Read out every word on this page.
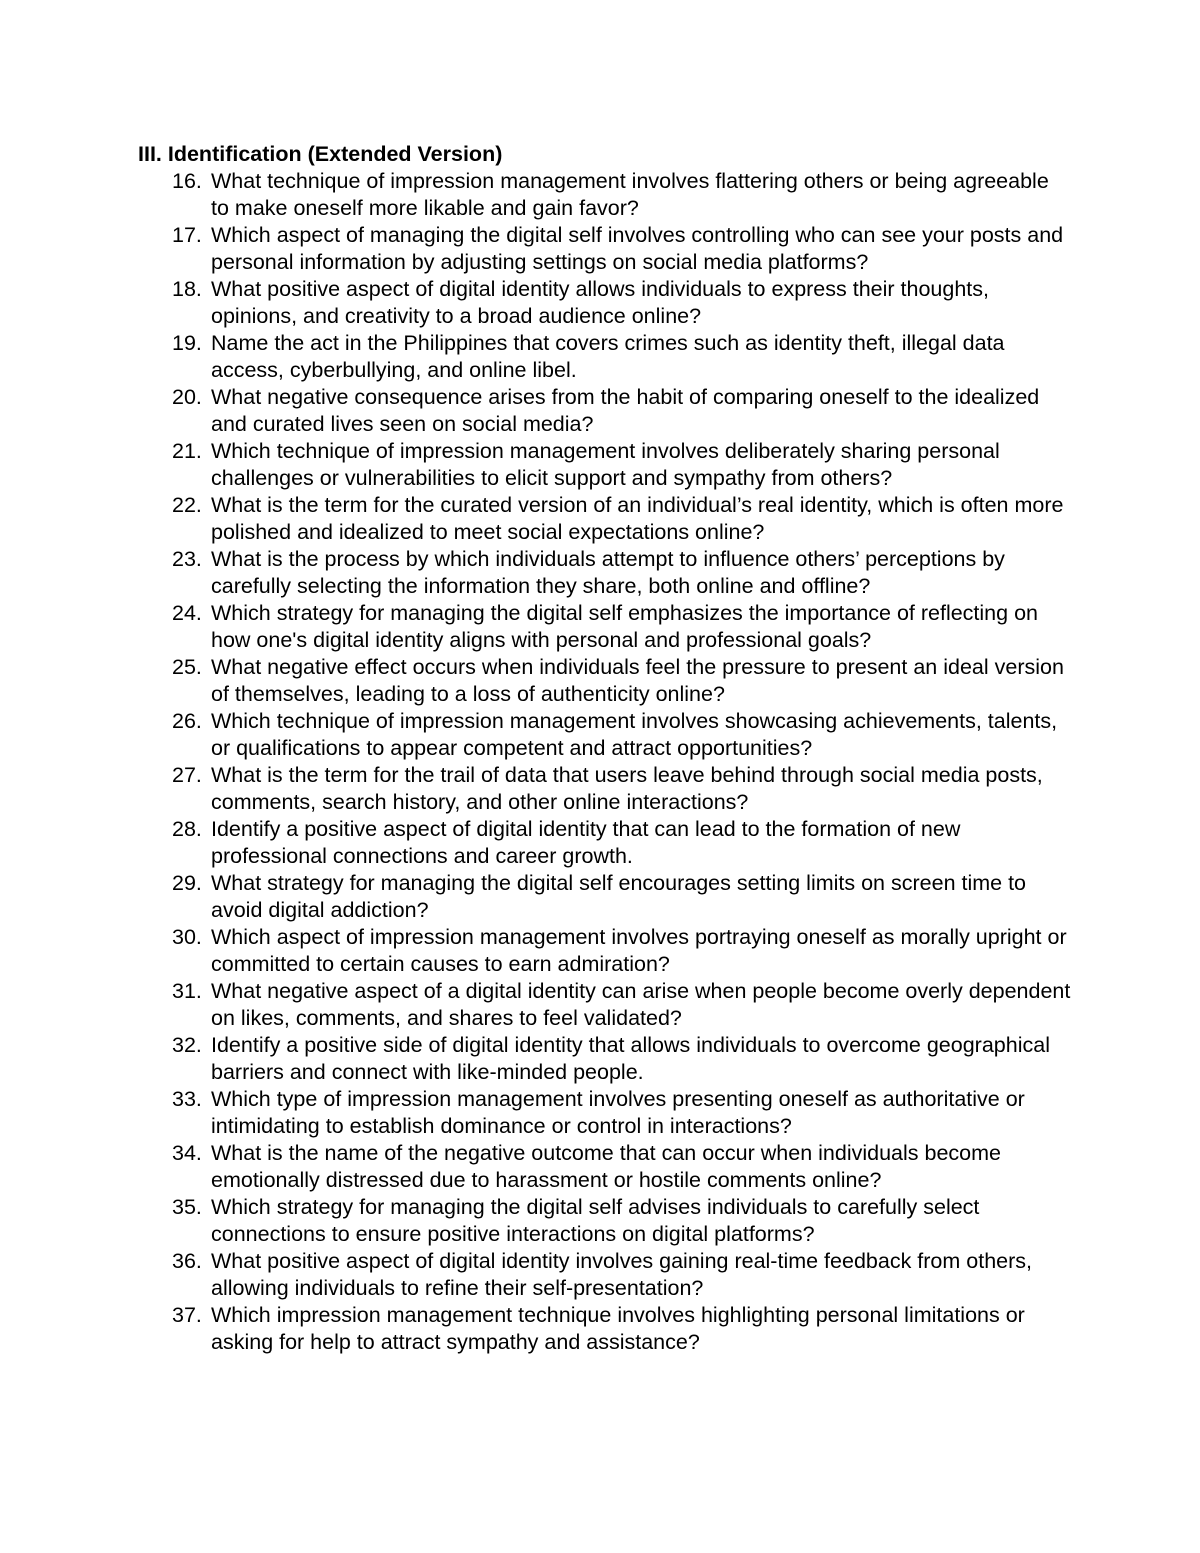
III. Identification (Extended Version)
16. What technique of impression management involves flattering others or being agreeable to make oneself more likable and gain favor?
17. Which aspect of managing the digital self involves controlling who can see your posts and personal information by adjusting settings on social media platforms?
18. What positive aspect of digital identity allows individuals to express their thoughts, opinions, and creativity to a broad audience online?
19. Name the act in the Philippines that covers crimes such as identity theft, illegal data access, cyberbullying, and online libel.
20. What negative consequence arises from the habit of comparing oneself to the idealized and curated lives seen on social media?
21. Which technique of impression management involves deliberately sharing personal challenges or vulnerabilities to elicit support and sympathy from others?
22. What is the term for the curated version of an individual’s real identity, which is often more polished and idealized to meet social expectations online?
23. What is the process by which individuals attempt to influence others’ perceptions by carefully selecting the information they share, both online and offline?
24. Which strategy for managing the digital self emphasizes the importance of reflecting on how one's digital identity aligns with personal and professional goals?
25. What negative effect occurs when individuals feel the pressure to present an ideal version of themselves, leading to a loss of authenticity online?
26. Which technique of impression management involves showcasing achievements, talents, or qualifications to appear competent and attract opportunities?
27. What is the term for the trail of data that users leave behind through social media posts, comments, search history, and other online interactions?
28. Identify a positive aspect of digital identity that can lead to the formation of new professional connections and career growth.
29. What strategy for managing the digital self encourages setting limits on screen time to avoid digital addiction?
30. Which aspect of impression management involves portraying oneself as morally upright or committed to certain causes to earn admiration?
31. What negative aspect of a digital identity can arise when people become overly dependent on likes, comments, and shares to feel validated?
32. Identify a positive side of digital identity that allows individuals to overcome geographical barriers and connect with like-minded people.
33. Which type of impression management involves presenting oneself as authoritative or intimidating to establish dominance or control in interactions?
34. What is the name of the negative outcome that can occur when individuals become emotionally distressed due to harassment or hostile comments online?
35. Which strategy for managing the digital self advises individuals to carefully select connections to ensure positive interactions on digital platforms?
36. What positive aspect of digital identity involves gaining real-time feedback from others, allowing individuals to refine their self-presentation?
37. Which impression management technique involves highlighting personal limitations or asking for help to attract sympathy and assistance?
